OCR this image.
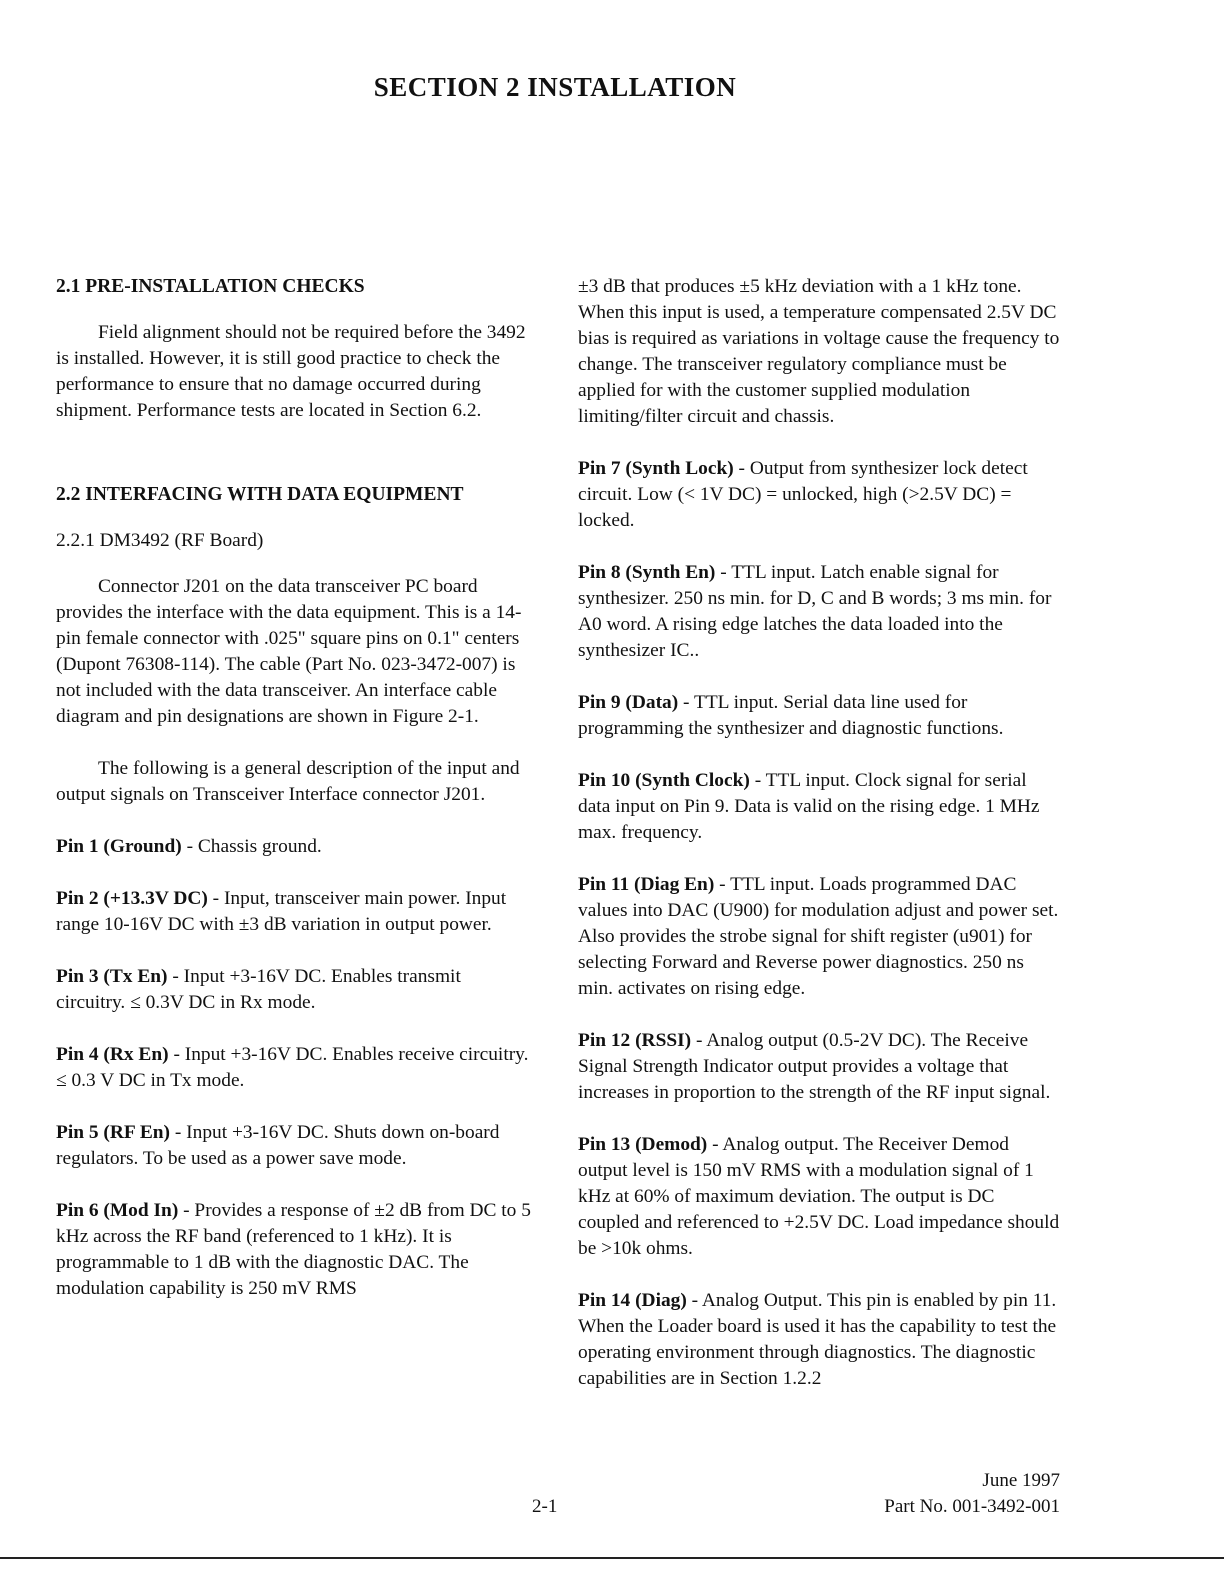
SECTION 2 INSTALLATION
2.1 PRE-INSTALLATION CHECKS

Field alignment should not be required before the 3492 is installed. However, it is still good practice to check the performance to ensure that no damage occurred during shipment. Performance tests are located in Section 6.2.

2.2 INTERFACING WITH DATA EQUIPMENT

2.2.1 DM3492 (RF Board)

Connector J201 on the data transceiver PC board provides the interface with the data equipment. This is a 14-pin female connector with .025" square pins on 0.1" centers (Dupont 76308-114). The cable (Part No. 023-3472-007) is not included with the data transceiver. An interface cable diagram and pin designations are shown in Figure 2-1.

The following is a general description of the input and output signals on Transceiver Interface connector J201.

Pin 1 (Ground) - Chassis ground.

Pin 2 (+13.3V DC) - Input, transceiver main power. Input range 10-16V DC with ±3 dB variation in output power.

Pin 3 (Tx En) - Input +3-16V DC. Enables transmit circuitry. ≤ 0.3V DC in Rx mode.

Pin 4 (Rx En) - Input +3-16V DC. Enables receive circuitry. ≤ 0.3 V DC in Tx mode.

Pin 5 (RF En) - Input +3-16V DC. Shuts down on-board regulators. To be used as a power save mode.

Pin 6 (Mod In) - Provides a response of ±2 dB from DC to 5 kHz across the RF band (referenced to 1 kHz). It is programmable to 1 dB with the diagnostic DAC. The modulation capability is 250 mV RMS

±3 dB that produces ±5 kHz deviation with a 1 kHz tone. When this input is used, a temperature compensated 2.5V DC bias is required as variations in voltage cause the frequency to change. The transceiver regulatory compliance must be applied for with the customer supplied modulation limiting/filter circuit and chassis.

Pin 7 (Synth Lock) - Output from synthesizer lock detect circuit. Low (< 1V DC) = unlocked, high (>2.5V DC) = locked.

Pin 8 (Synth En) - TTL input. Latch enable signal for synthesizer. 250 ns min. for D, C and B words; 3 ms min. for A0 word. A rising edge latches the data loaded into the synthesizer IC..

Pin 9 (Data) - TTL input. Serial data line used for programming the synthesizer and diagnostic functions.

Pin 10 (Synth Clock) - TTL input. Clock signal for serial data input on Pin 9. Data is valid on the rising edge. 1 MHz max. frequency.

Pin 11 (Diag En) - TTL input. Loads programmed DAC values into DAC (U900) for modulation adjust and power set. Also provides the strobe signal for shift register (u901) for selecting Forward and Reverse power diagnostics. 250 ns min. activates on rising edge.

Pin 12 (RSSI) - Analog output (0.5-2V DC). The Receive Signal Strength Indicator output provides a voltage that increases in proportion to the strength of the RF input signal.

Pin 13 (Demod) - Analog output. The Receiver Demod output level is 150 mV RMS with a modulation signal of 1 kHz at 60% of maximum deviation. The output is DC coupled and referenced to +2.5V DC. Load impedance should be >10k ohms.

Pin 14 (Diag) - Analog Output. This pin is enabled by pin 11. When the Loader board is used it has the capability to test the operating environment through diagnostics. The diagnostic capabilities are in Section 1.2.2

June 1997
2-1	Part No. 001-3492-001
